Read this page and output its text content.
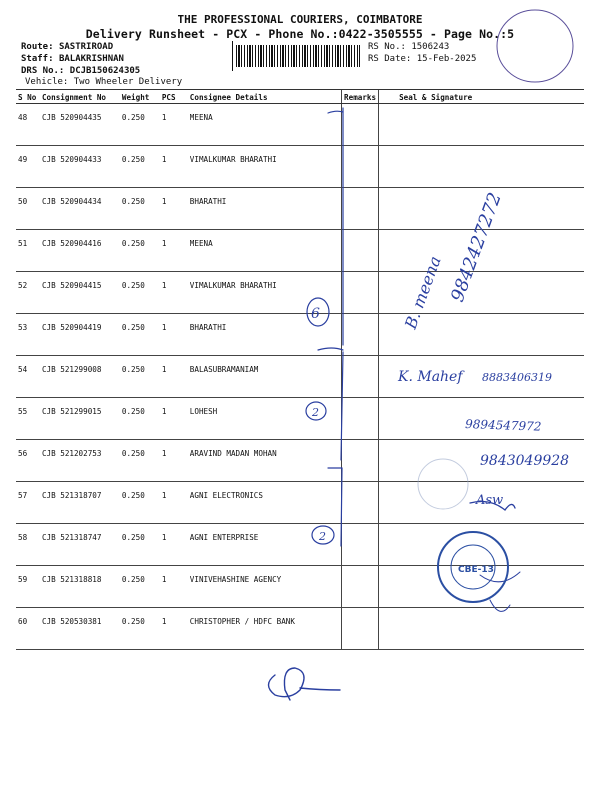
THE PROFESSIONAL COURIERS, COIMBATORE
Delivery Runsheet - PCX - Phone No.:0422-3505555 - Page No.:5
Route: SASTRIROAD
Staff: BALAKRISHNAN
DRS No.: DCJB150624305
Vehicle: Two Wheeler Delivery
RS No.: 1506243
RS Date: 15-Feb-2025
S No	Consignment No	Weight	PCS	Consignee Details	Remarks	Seal & Signature
48	CJB 520904435	0.250	1	MEENA		
49	CJB 520904433	0.250	1	VIMALKUMAR BHARATHI		
50	CJB 520904434	0.250	1	BHARATHI		
51	CJB 520904416	0.250	1	MEENA		
52	CJB 520904415	0.250	1	VIMALKUMAR BHARATHI		
53	CJB 520904419	0.250	1	BHARATHI		
54	CJB 521299008	0.250	1	BALASUBRAMANIAM		
55	CJB 521299015	0.250	1	LOHESH		
56	CJB 521202753	0.250	1	ARAVIND MADAN MOHAN		
57	CJB 521318707	0.250	1	AGNI ELECTRONICS		
58	CJB 521318747	0.250	1	AGNI ENTERPRISE		
59	CJB 521318818	0.250	1	VINIVEHASHINE AGENCY		
60	CJB 520530381	0.250	1	CHRISTOPHER / HDFC BANK		
B. meena 9842427272
6
2
2
K. Mahef 8883406319
9894547972
9843049928
Asw
CBE-13
